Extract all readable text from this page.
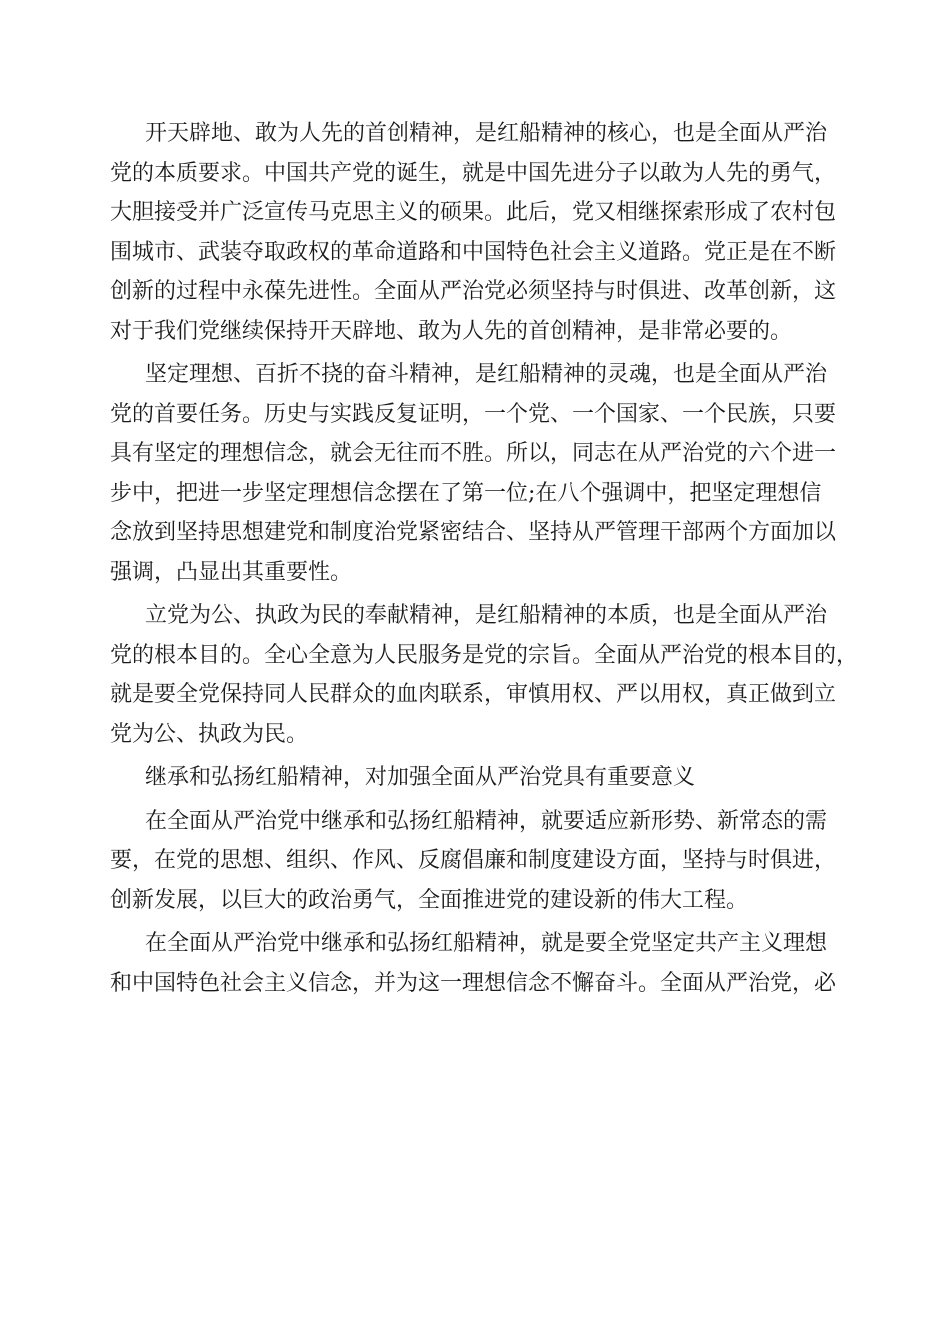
开天辟地、敢为人先的首创精神，是红船精神的核心，也是全面从严治
党的本质要求。中国共产党的诞生，就是中国先进分子以敢为人先的勇气，
大胆接受并广泛宣传马克思主义的硕果。此后，党又相继探索形成了农村包
围城市、武装夺取政权的革命道路和中国特色社会主义道路。党正是在不断
创新的过程中永葆先进性。全面从严治党必须坚持与时俱进、改革创新，这
对于我们党继续保持开天辟地、敢为人先的首创精神，是非常必要的。
坚定理想、百折不挠的奋斗精神，是红船精神的灵魂，也是全面从严治
党的首要任务。历史与实践反复证明，一个党、一个国家、一个民族，只要
具有坚定的理想信念，就会无往而不胜。所以，同志在从严治党的六个进一
步中，把进一步坚定理想信念摆在了第一位;在八个强调中，把坚定理想信
念放到坚持思想建党和制度治党紧密结合、坚持从严管理干部两个方面加以
强调，凸显出其重要性。
立党为公、执政为民的奉献精神，是红船精神的本质，也是全面从严治
党的根本目的。全心全意为人民服务是党的宗旨。全面从严治党的根本目的，
就是要全党保持同人民群众的血肉联系，审慎用权、严以用权，真正做到立
党为公、执政为民。
继承和弘扬红船精神，对加强全面从严治党具有重要意义
在全面从严治党中继承和弘扬红船精神，就要适应新形势、新常态的需
要，在党的思想、组织、作风、反腐倡廉和制度建设方面，坚持与时俱进，
创新发展，以巨大的政治勇气，全面推进党的建设新的伟大工程。
在全面从严治党中继承和弘扬红船精神，就是要全党坚定共产主义理想
和中国特色社会主义信念，并为这一理想信念不懈奋斗。全面从严治党，必
